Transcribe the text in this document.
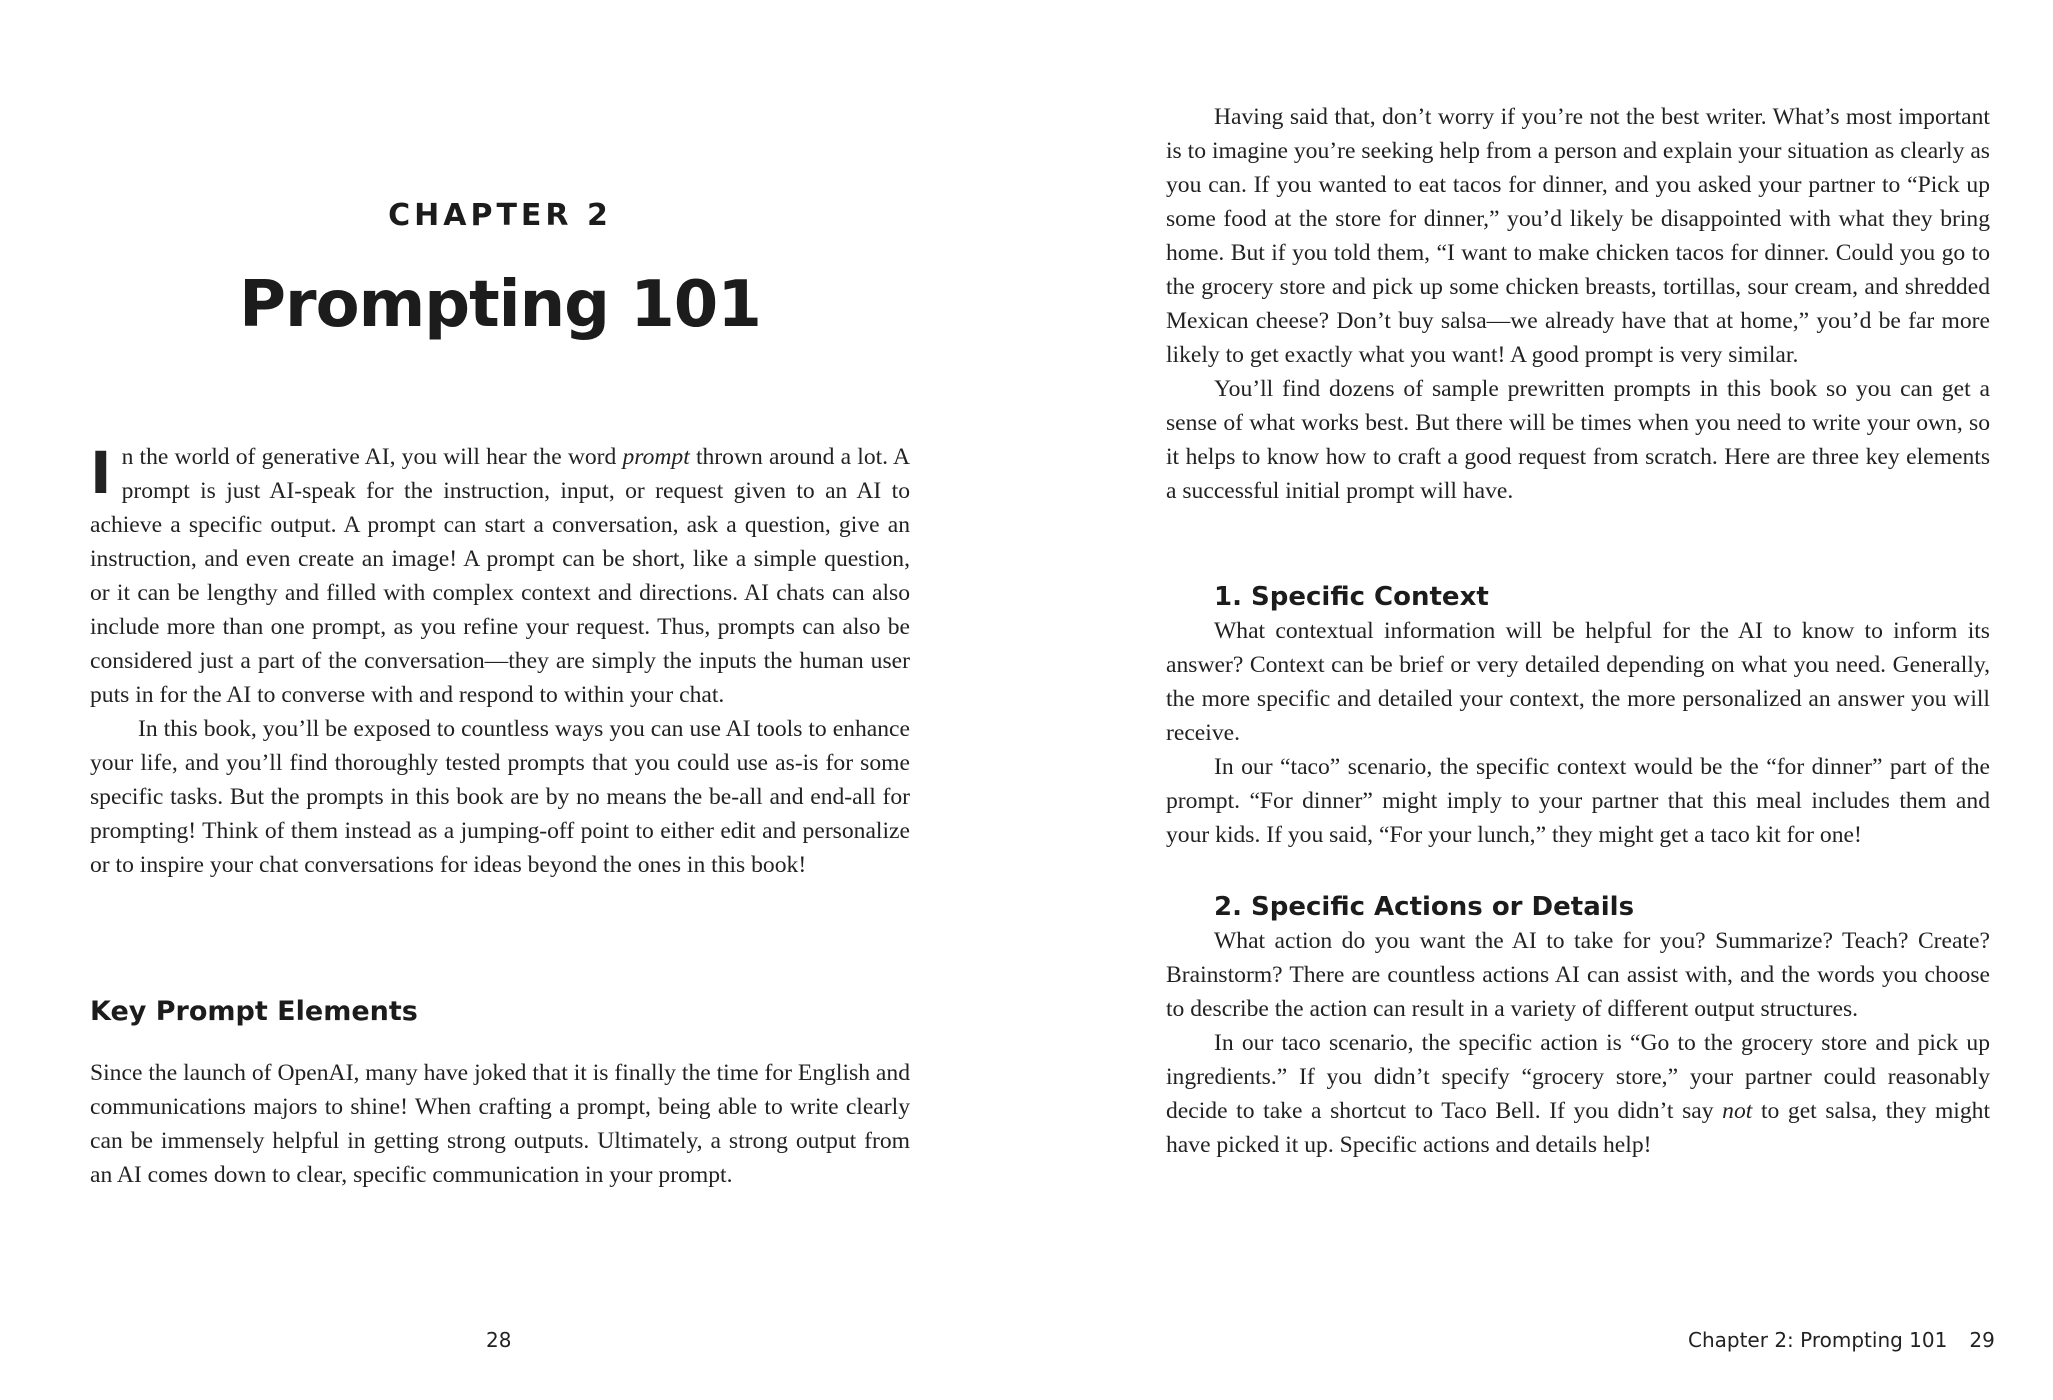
CHAPTER 2
Prompting 101

In the world of generative AI, you will hear the word prompt thrown around a lot. A prompt is just AI-speak for the instruction, input, or request given to an AI to achieve a specific output. A prompt can start a conversation, ask a question, give an instruction, and even create an image! A prompt can be short, like a simple question, or it can be lengthy and filled with complex context and directions. AI chats can also include more than one prompt, as you refine your request. Thus, prompts can also be considered just a part of the conversation—they are simply the inputs the human user puts in for the AI to converse with and respond to within your chat.

In this book, you’ll be exposed to countless ways you can use AI tools to enhance your life, and you’ll find thoroughly tested prompts that you could use as-is for some specific tasks. But the prompts in this book are by no means the be-all and end-all for prompting! Think of them instead as a jumping-off point to either edit and personalize or to inspire your chat conversations for ideas beyond the ones in this book!

Key Prompt Elements

Since the launch of OpenAI, many have joked that it is finally the time for English and communications majors to shine! When crafting a prompt, being able to write clearly can be immensely helpful in getting strong outputs. Ultimately, a strong output from an AI comes down to clear, specific communication in your prompt.

28

Having said that, don’t worry if you’re not the best writer. What’s most important is to imagine you’re seeking help from a person and explain your situation as clearly as you can. If you wanted to eat tacos for dinner, and you asked your partner to “Pick up some food at the store for dinner,” you’d likely be disappointed with what they bring home. But if you told them, “I want to make chicken tacos for dinner. Could you go to the grocery store and pick up some chicken breasts, tortillas, sour cream, and shredded Mexican cheese? Don’t buy salsa—we already have that at home,” you’d be far more likely to get exactly what you want! A good prompt is very similar.

You’ll find dozens of sample prewritten prompts in this book so you can get a sense of what works best. But there will be times when you need to write your own, so it helps to know how to craft a good request from scratch. Here are three key elements a successful initial prompt will have.

1. Specific Context

What contextual information will be helpful for the AI to know to inform its answer? Context can be brief or very detailed depending on what you need. Generally, the more specific and detailed your context, the more personalized an answer you will receive.

In our “taco” scenario, the specific context would be the “for dinner” part of the prompt. “For dinner” might imply to your partner that this meal includes them and your kids. If you said, “For your lunch,” they might get a taco kit for one!

2. Specific Actions or Details

What action do you want the AI to take for you? Summarize? Teach? Create? Brainstorm? There are countless actions AI can assist with, and the words you choose to describe the action can result in a variety of different output structures.

In our taco scenario, the specific action is “Go to the grocery store and pick up ingredients.” If you didn’t specify “grocery store,” your partner could reasonably decide to take a shortcut to Taco Bell. If you didn’t say not to get salsa, they might have picked it up. Specific actions and details help!

Chapter 2: Prompting 101 29
